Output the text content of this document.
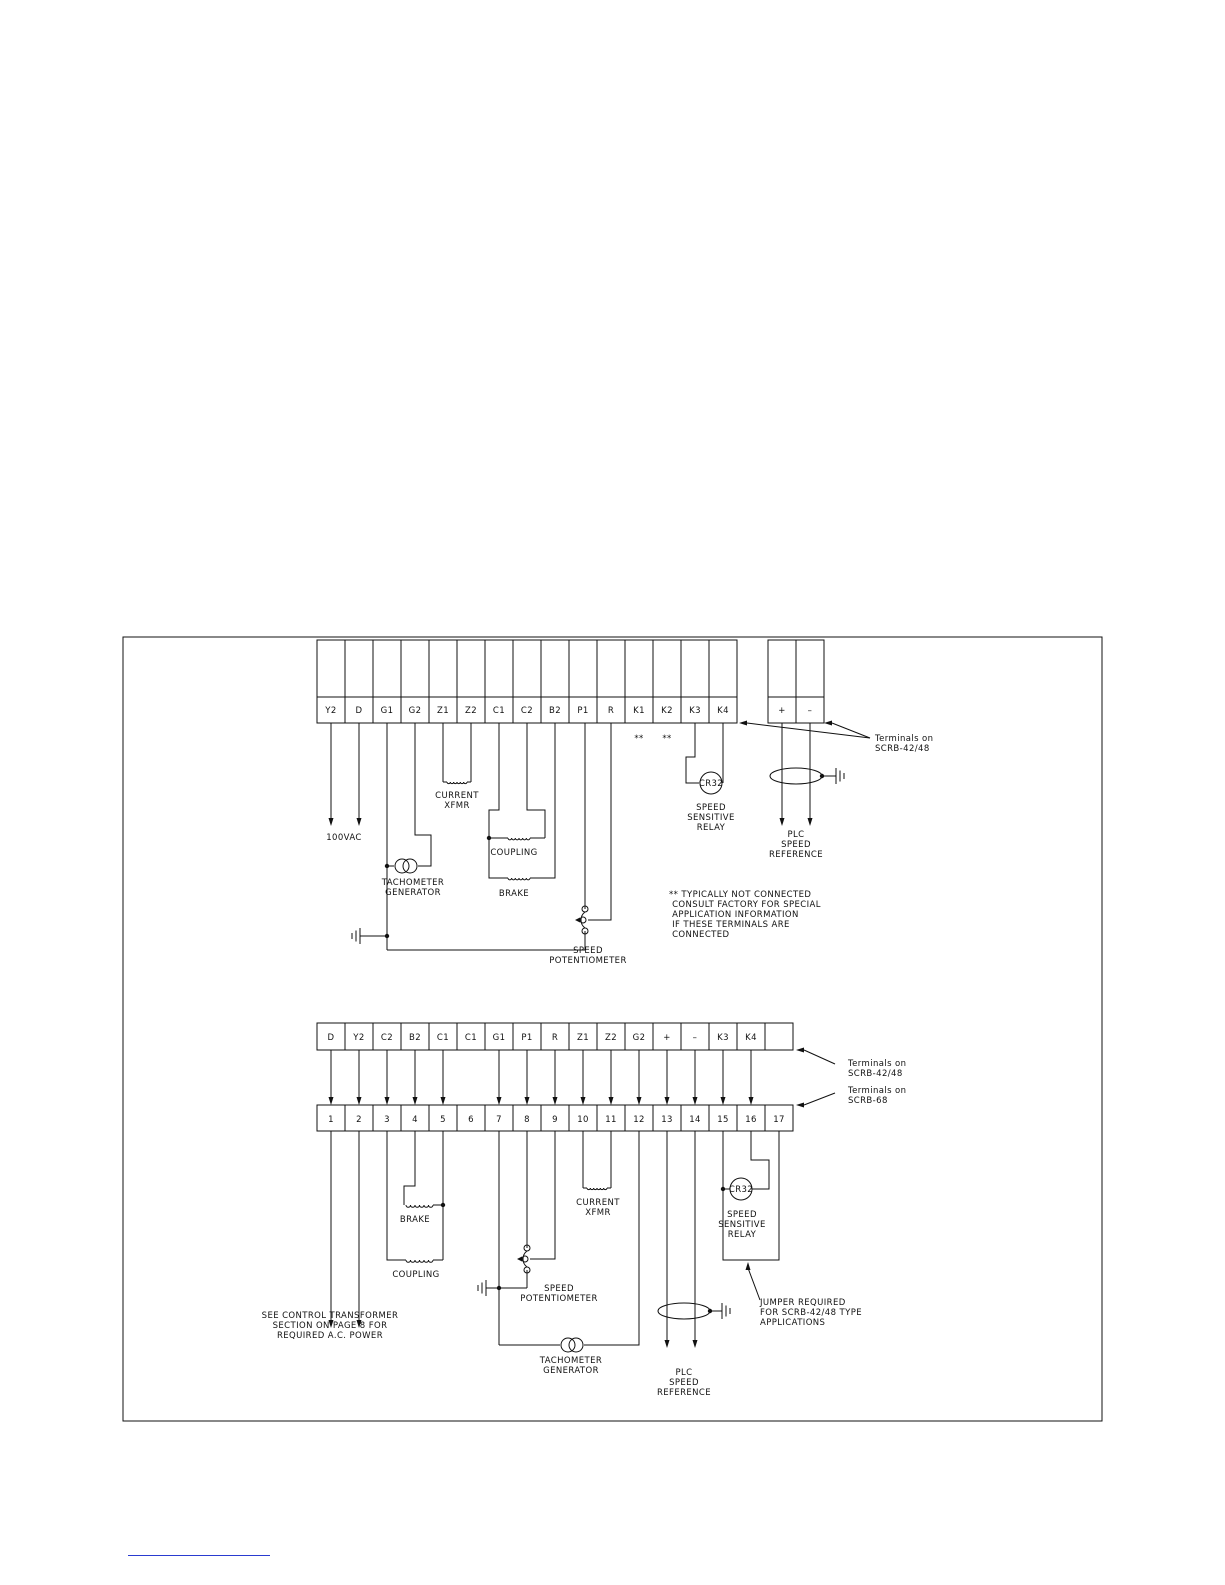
Y2 D G1 G2 Z1 Z2 C1 C2 B2 P1 R K1 K2 K3 K4	+	–
Terminals on SCRB-42/48
100VAC
TACHOMETER GENERATOR
CURRENT XFMR
COUPLING
BRAKE
SPEED POTENTIOMETER
** **
** TYPICALLY NOT CONNECTED CONSULT FACTORY FOR SPECIAL APPLICATION INFORMATION IF THESE TERMINALS ARE CONNECTED
CR32
SPEED SENSITIVE RELAY
PLC SPEED REFERENCE
D Y2 C2 B2 C1 C1 G1 P1 R Z1 Z2 G2 +	– K3 K4
1	2	3	4	5	6	7	8	9 10 11 12 13 14 15 16 17
Terminals on SCRB-42/48
Terminals on SCRB-68
SEE CONTROL TRANSFORMER SECTION ON PAGE 8 FOR REQUIRED A.C. POWER
COUPLING
BRAKE
TACHOMETER GENERATOR
SPEED POTENTIOMETER
CURRENT XFMR
PLC SPEED REFERENCE
CR32
SPEED SENSITIVE RELAY
JUMPER REQUIRED FOR SCRB-42/48 TYPE APPLICATIONS
